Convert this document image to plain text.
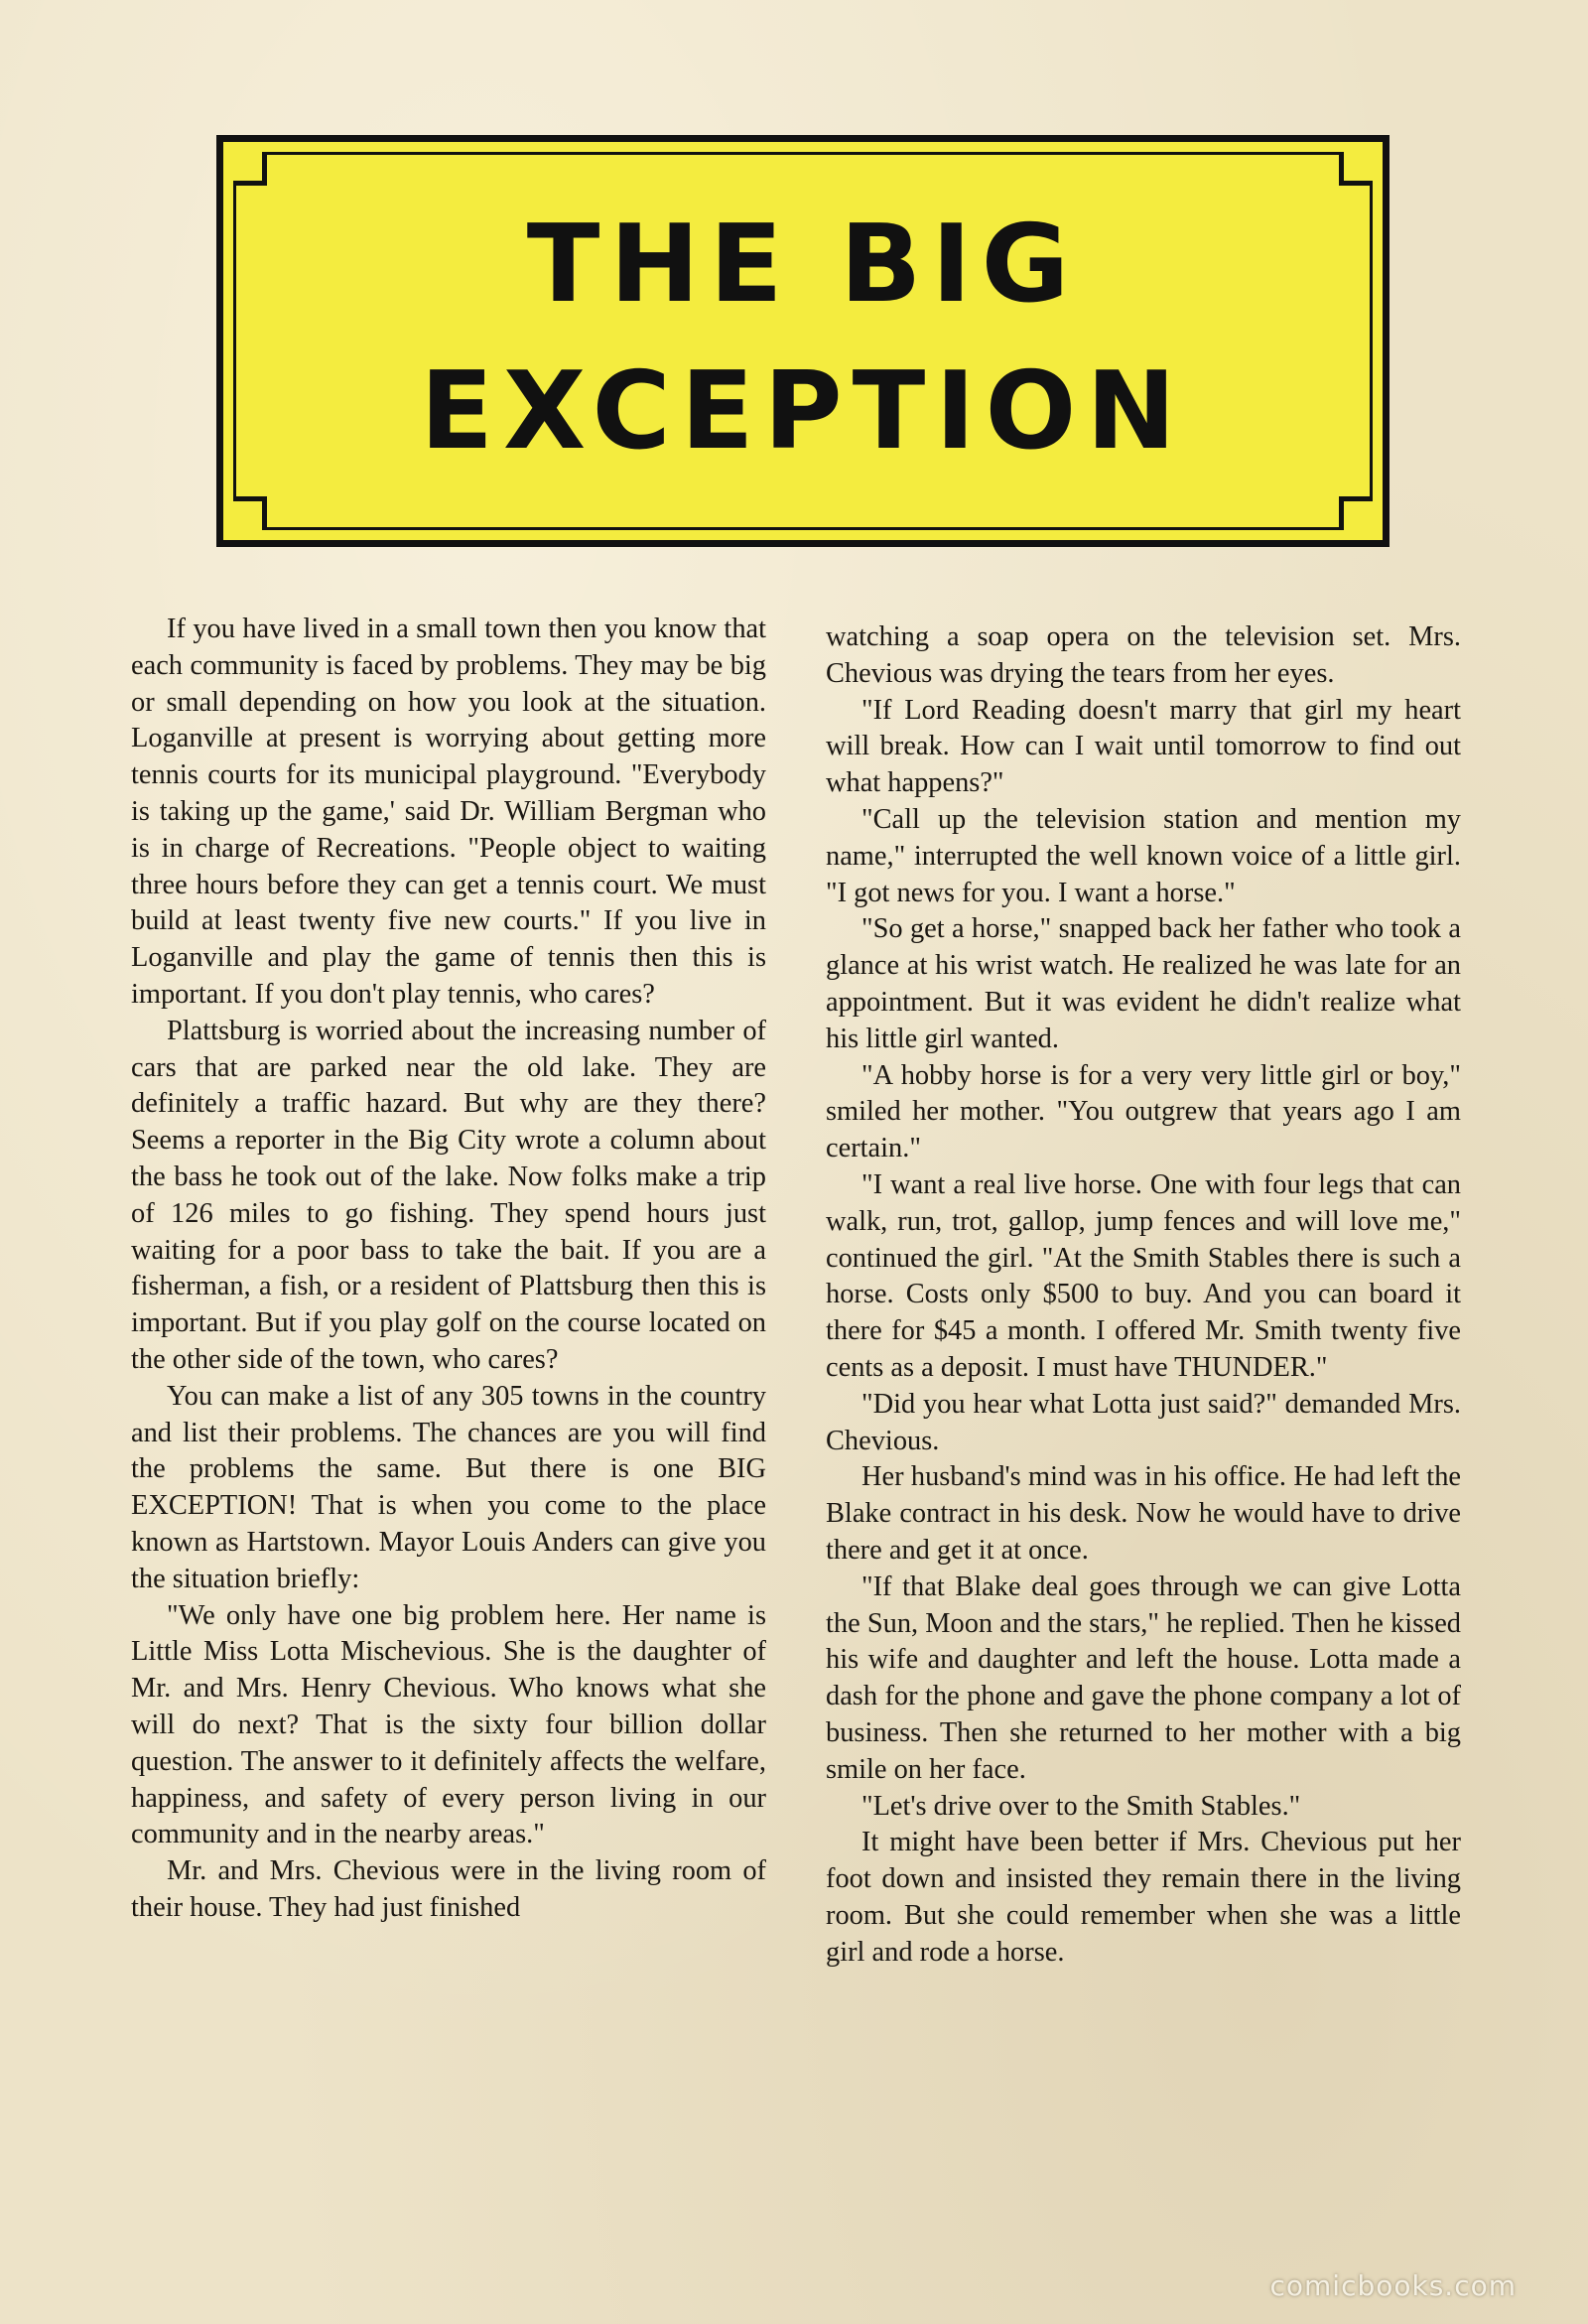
THE BIG
EXCEPTION

If you have lived in a small town then you know that each community is faced by problems. They may be big or small depending on how you look at the situation. Loganville at present is worrying about getting more tennis courts for its municipal playground. "Everybody is taking up the game,' said Dr. William Bergman who is in charge of Recreations. "People object to waiting three hours before they can get a tennis court. We must build at least twenty five new courts." If you live in Loganville and play the game of tennis then this is important. If you don't play tennis, who cares?

Plattsburg is worried about the increasing number of cars that are parked near the old lake. They are definitely a traffic hazard. But why are they there? Seems a reporter in the Big City wrote a column about the bass he took out of the lake. Now folks make a trip of 126 miles to go fishing. They spend hours just waiting for a poor bass to take the bait. If you are a fisherman, a fish, or a resident of Plattsburg then this is important. But if you play golf on the course located on the other side of the town, who cares?

You can make a list of any 305 towns in the country and list their problems. The chances are you will find the problems the same. But there is one BIG EXCEPTION! That is when you come to the place known as Hartstown. Mayor Louis Anders can give you the situation briefly:

"We only have one big problem here. Her name is Little Miss Lotta Mischevious. She is the daughter of Mr. and Mrs. Henry Chevious. Who knows what she will do next? That is the sixty four billion dollar question. The answer to it definitely affects the welfare, happiness, and safety of every person living in our community and in the nearby areas."

Mr. and Mrs. Chevious were in the living room of their house. They had just finished

watching a soap opera on the television set. Mrs. Chevious was drying the tears from her eyes.

"If Lord Reading doesn't marry that girl my heart will break. How can I wait until tomorrow to find out what happens?"

"Call up the television station and mention my name," interrupted the well known voice of a little girl. "I got news for you. I want a horse."

"So get a horse," snapped back her father who took a glance at his wrist watch. He realized he was late for an appointment. But it was evident he didn't realize what his little girl wanted.

"A hobby horse is for a very very little girl or boy," smiled her mother. "You outgrew that years ago I am certain."

"I want a real live horse. One with four legs that can walk, run, trot, gallop, jump fences and will love me," continued the girl. "At the Smith Stables there is such a horse. Costs only $500 to buy. And you can board it there for $45 a month. I offered Mr. Smith twenty five cents as a deposit. I must have THUNDER."

"Did you hear what Lotta just said?" demanded Mrs. Chevious.

Her husband's mind was in his office. He had left the Blake contract in his desk. Now he would have to drive there and get it at once.

"If that Blake deal goes through we can give Lotta the Sun, Moon and the stars," he replied. Then he kissed his wife and daughter and left the house. Lotta made a dash for the phone and gave the phone company a lot of business. Then she returned to her mother with a big smile on her face.

"Let's drive over to the Smith Stables."

It might have been better if Mrs. Chevious put her foot down and insisted they remain there in the living room. But she could remember when she was a little girl and rode a horse.

comicbooks.com
